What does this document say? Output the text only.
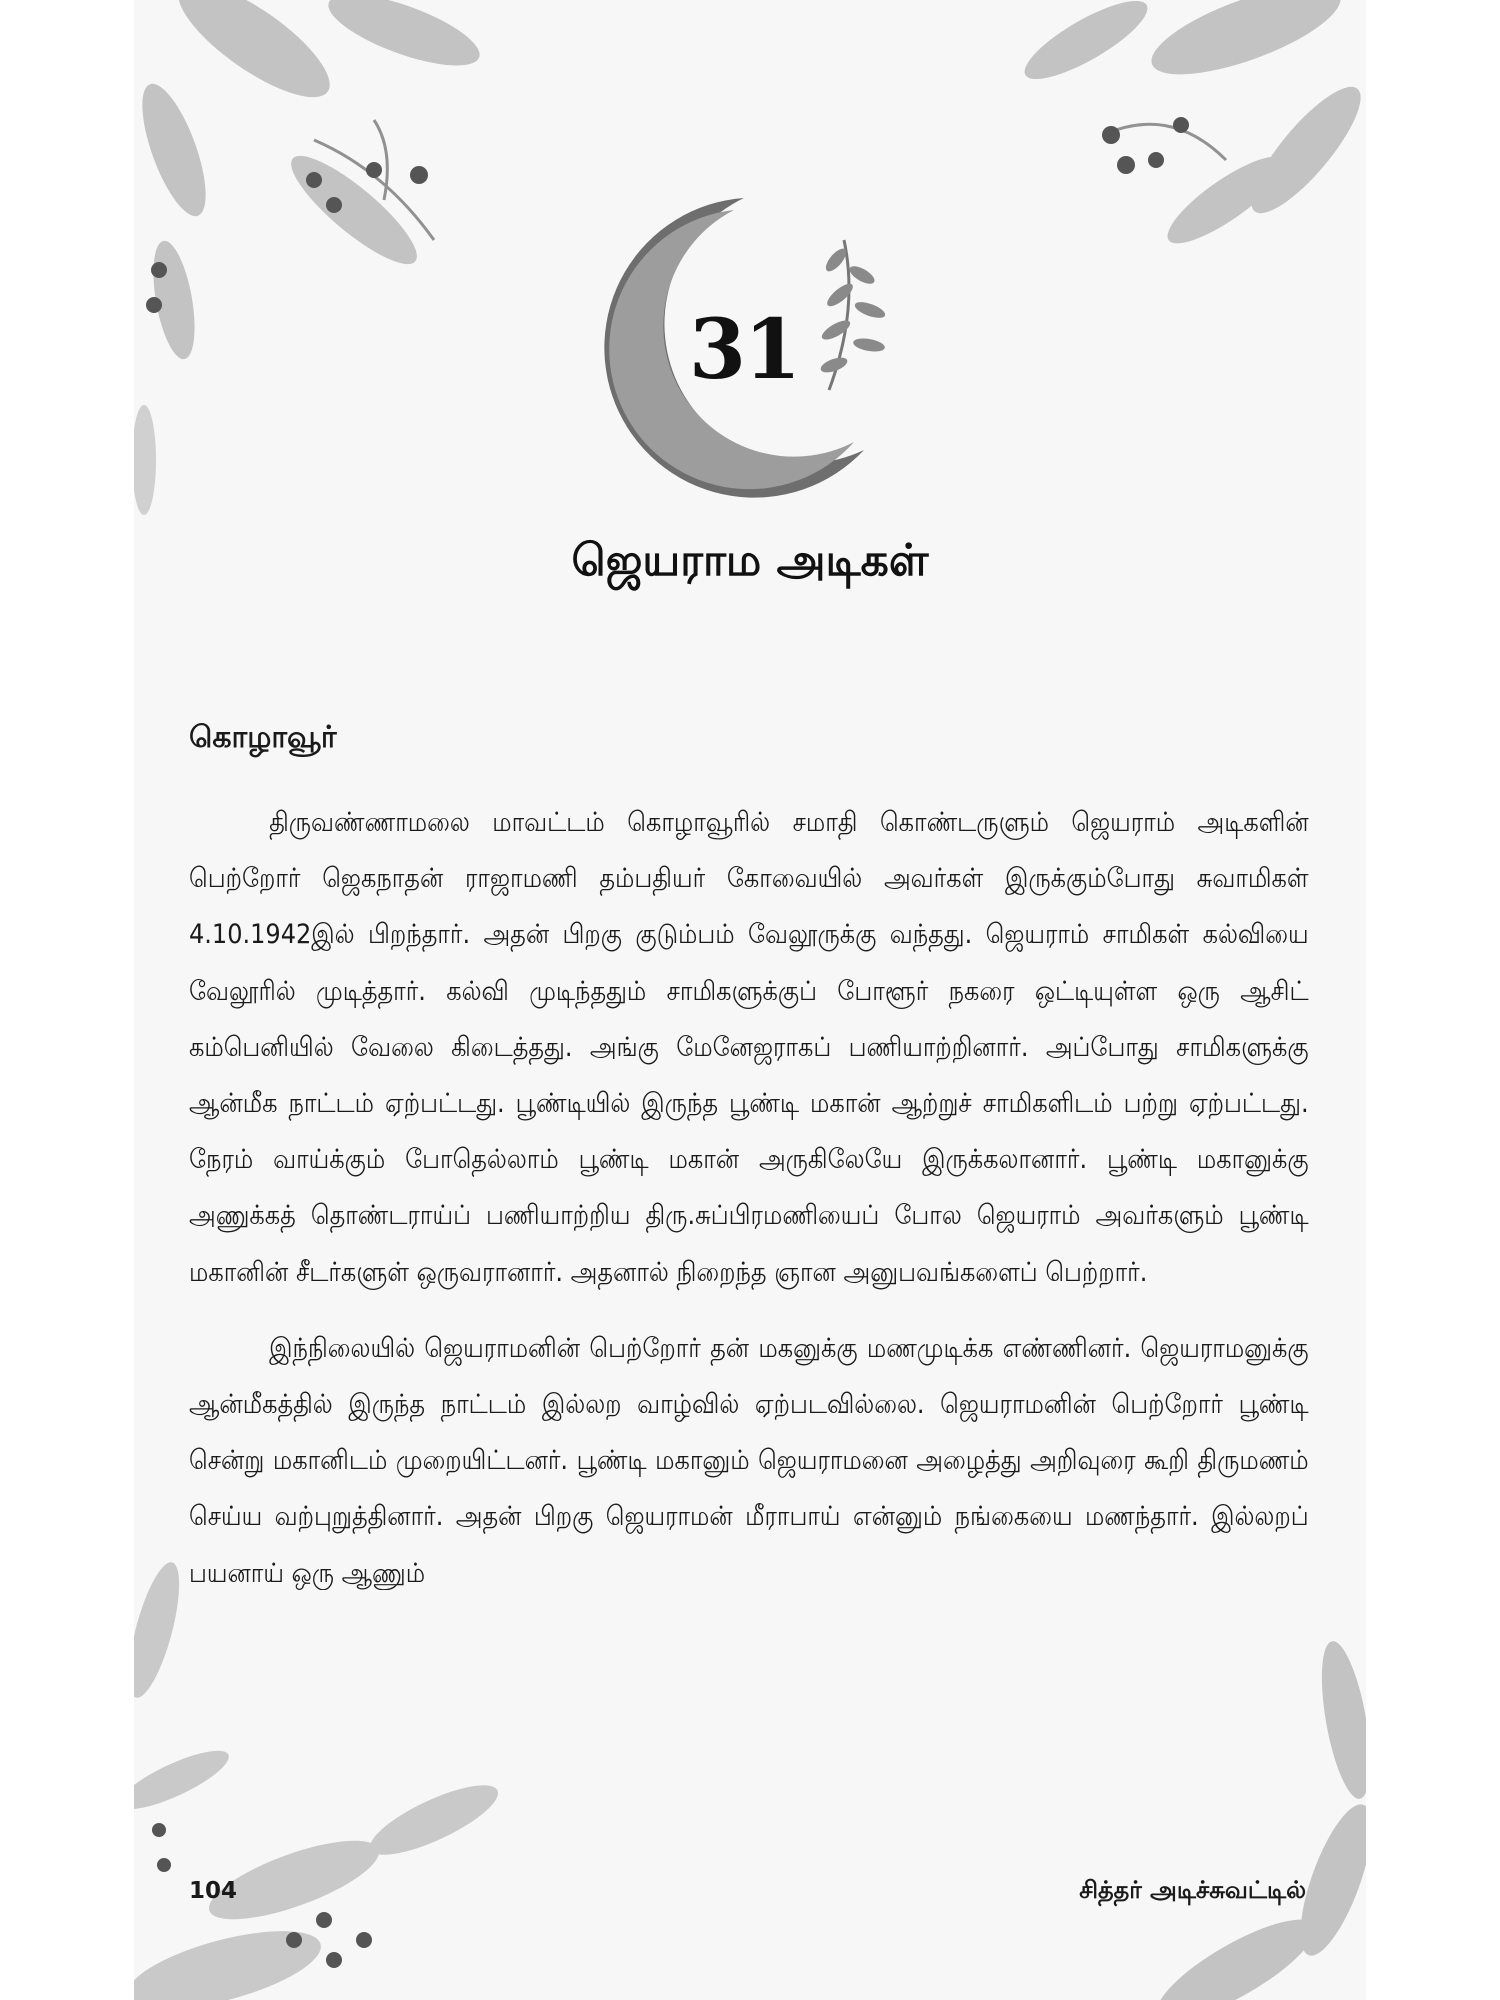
31
ஜெயராம அடிகள்
கொழாவூர்

திருவண்ணாமலை மாவட்டம் கொழாவூரில் சமாதி கொண்டருளும் ஜெயராம் அடிகளின் பெற்றோர் ஜெகநாதன் ராஜாமணி தம்பதியர் கோவையில் அவர்கள் இருக்கும்போது சுவாமிகள் 4.10.1942இல் பிறந்தார். அதன் பிறகு குடும்பம் வேலூருக்கு வந்தது. ஜெயராம் சாமிகள் கல்வியை வேலூரில் முடித்தார். கல்வி முடிந்ததும் சாமிகளுக்குப் போளூர் நகரை ஒட்டியுள்ள ஒரு ஆசிட் கம்பெனியில் வேலை கிடைத்தது. அங்கு மேனேஜராகப் பணியாற்றினார். அப்போது சாமிகளுக்கு ஆன்மீக நாட்டம் ஏற்பட்டது. பூண்டியில் இருந்த பூண்டி மகான் ஆற்றுச் சாமிகளிடம் பற்று ஏற்பட்டது. நேரம் வாய்க்கும் போதெல்லாம் பூண்டி மகான் அருகிலேயே இருக்கலானார். பூண்டி மகானுக்கு அணுக்கத் தொண்டராய்ப் பணியாற்றிய திரு.சுப்பிரமணியைப் போல ஜெயராம் அவர்களும் பூண்டி மகானின் சீடர்களுள் ஒருவரானார். அதனால் நிறைந்த ஞான அனுபவங்களைப் பெற்றார்.

இந்நிலையில் ஜெயராமனின் பெற்றோர் தன் மகனுக்கு மணமுடிக்க எண்ணினர். ஜெயராமனுக்கு ஆன்மீகத்தில் இருந்த நாட்டம் இல்லற வாழ்வில் ஏற்படவில்லை. ஜெயராமனின் பெற்றோர் பூண்டி சென்று மகானிடம் முறையிட்டனர். பூண்டி மகானும் ஜெயராமனை அழைத்து அறிவுரை கூறி திருமணம் செய்ய வற்புறுத்தினார். அதன் பிறகு ஜெயராமன் மீராபாய் என்னும் நங்கையை மணந்தார். இல்லறப் பயனாய் ஒரு ஆணும்

104	சித்தர் அடிச்சுவட்டில்
